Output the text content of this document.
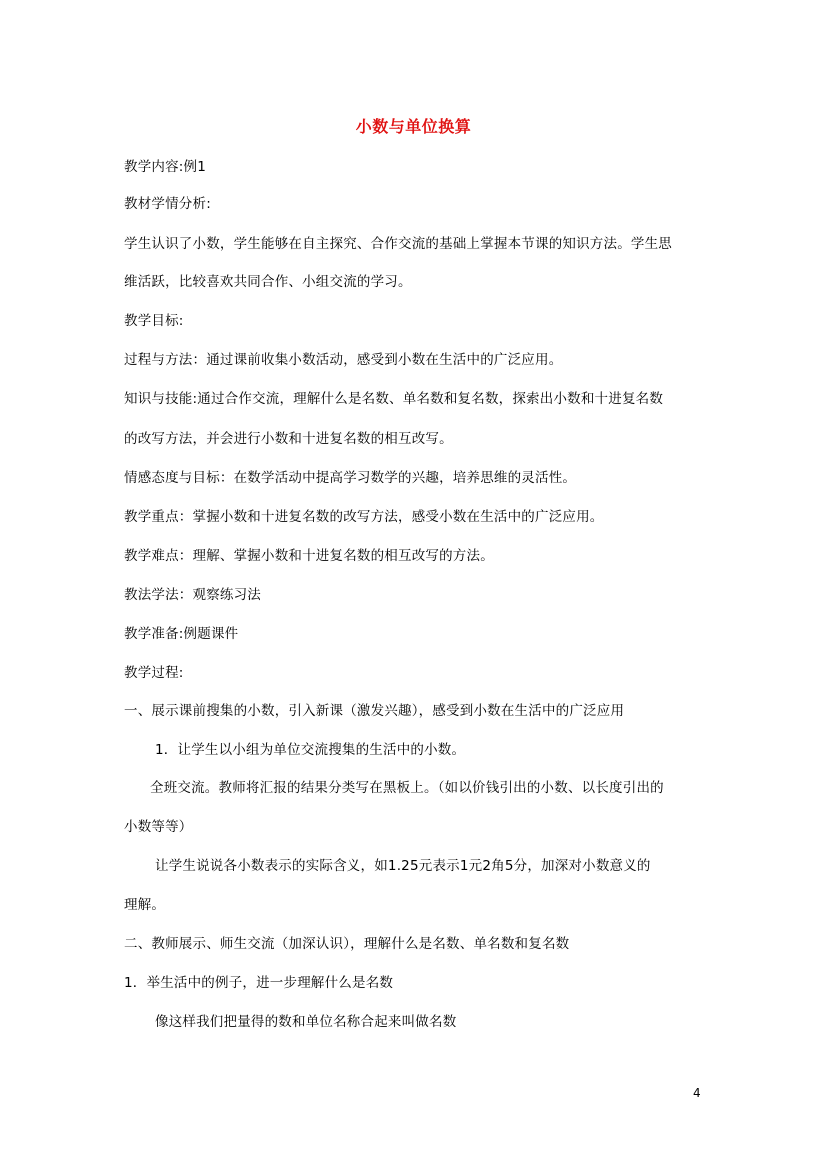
小数与单位换算
教学内容:例1
教材学情分析:
学生认识了小数，学生能够在自主探究、合作交流的基础上掌握本节课的知识方法。学生思
维活跃，比较喜欢共同合作、小组交流的学习。
教学目标:
过程与方法：通过课前收集小数活动，感受到小数在生活中的广泛应用。
知识与技能:通过合作交流，理解什么是名数、单名数和复名数，探索出小数和十进复名数
的改写方法，并会进行小数和十进复名数的相互改写。
情感态度与目标：在数学活动中提高学习数学的兴趣，培养思维的灵活性。
教学重点：掌握小数和十进复名数的改写方法，感受小数在生活中的广泛应用。
教学难点：理解、掌握小数和十进复名数的相互改写的方法。
教法学法：观察练习法
教学准备:例题课件
教学过程:
一、展示课前搜集的小数，引入新课（激发兴趣），感受到小数在生活中的广泛应用
1．让学生以小组为单位交流搜集的生活中的小数。
全班交流。教师将汇报的结果分类写在黑板上。（如以价钱引出的小数、以长度引出的
小数等等）
让学生说说各小数表示的实际含义，如1.25元表示1元2角5分，加深对小数意义的
理解。
二、教师展示、师生交流（加深认识），理解什么是名数、单名数和复名数
1．举生活中的例子，进一步理解什么是名数
像这样我们把量得的数和单位名称合起来叫做名数
4
